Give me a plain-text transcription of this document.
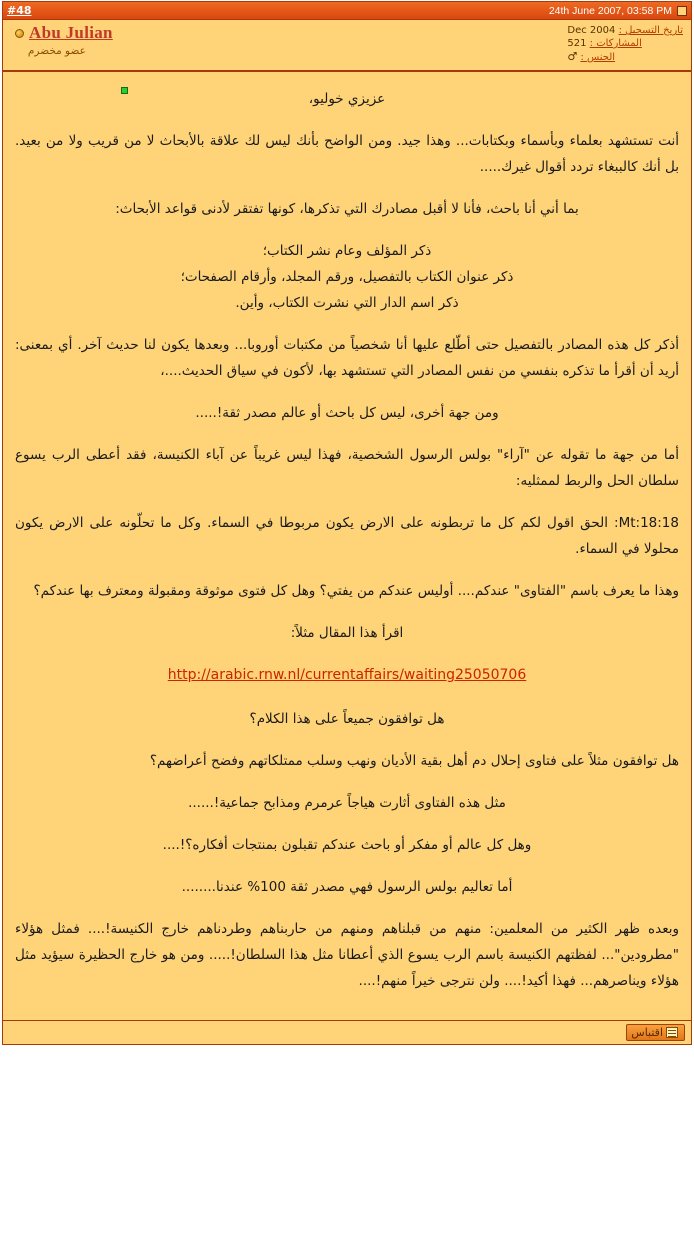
#48	24th June 2007, 03:58 PM
تاريخ التسجيل : Dec 2004
المشاركات : 521
الجنس : ♂
Abu Julian
عضو مخضرم

عزيزي خوليو،

أنت تستشهد بعلماء وبأسماء وبكتابات... وهذا جيد. ومن الواضح بأنك ليس لك علاقة بالأبحاث لا من قريب ولا من بعيد. بل أنك كالببغاء تردد أقوال غيرك.....

بما أني أنا باحث، فأنا لا أقبل مصادرك التي تذكرها، كونها تفتقر لأدنى قواعد الأبحاث:

ذكر المؤلف وعام نشر الكتاب؛

ذكر عنوان الكتاب بالتفصيل، ورقم المجلد، وأرقام الصفحات؛

ذكر اسم الدار التي نشرت الكتاب، وأين.

أذكر كل هذه المصادر بالتفصيل حتى أطّلع عليها أنا شخصياً من مكتبات أوروبا... وبعدها يكون لنا حديث آخر. أي بمعنى: أريد أن أقرأ ما تذكره بنفسي من نفس المصادر التي تستشهد بها، لأكون في سياق الحديث....،

ومن جهة أخرى، ليس كل باحث أو عالم مصدر ثقة!.....

أما من جهة ما تقوله عن "آراء" بولس الرسول الشخصية، فهذا ليس غريباً عن آباء الكنيسة، فقد أعطى الرب يسوع سلطان الحل والربط لممثليه:

Mt:18:18: الحق اقول لكم كل ما تربطونه على الارض يكون مربوطا في السماء. وكل ما تحلّونه على الارض يكون محلولا في السماء.

وهذا ما يعرف باسم "الفتاوى" عندكم.... أوليس عندكم من يفتي؟ وهل كل فتوى موثوقة ومقبولة ومعترف بها عندكم؟

اقرأ هذا المقال مثلاً:

http://arabic.rnw.nl/currentaffairs/waiting25050706

هل توافقون جميعاً على هذا الكلام؟

هل توافقون مثلاً على فتاوى إحلال دم أهل بقية الأديان ونهب وسلب ممتلكاتهم وفضح أعراضهم؟

مثل هذه الفتاوى أثارت هياجاً عرمرم ومذابح جماعية!......

وهل كل عالم أو مفكر أو باحث عندكم تقبلون بمنتجات أفكاره؟!....

أما تعاليم بولس الرسول فهي مصدر ثقة 100% عندنا........

وبعده ظهر الكثير من المعلمين: منهم من قبلناهم ومنهم من حاربناهم وطردناهم خارج الكنيسة!.... فمثل هؤلاء "مطرودين"... لفظتهم الكنيسة باسم الرب يسوع الذي أعطانا مثل هذا السلطان!..... ومن هو خارج الحظيرة سيؤيد مثل هؤلاء ويناصرهم... فهذا أكيد!.... ولن نترجى خيراً منهم!....

اقتباس
